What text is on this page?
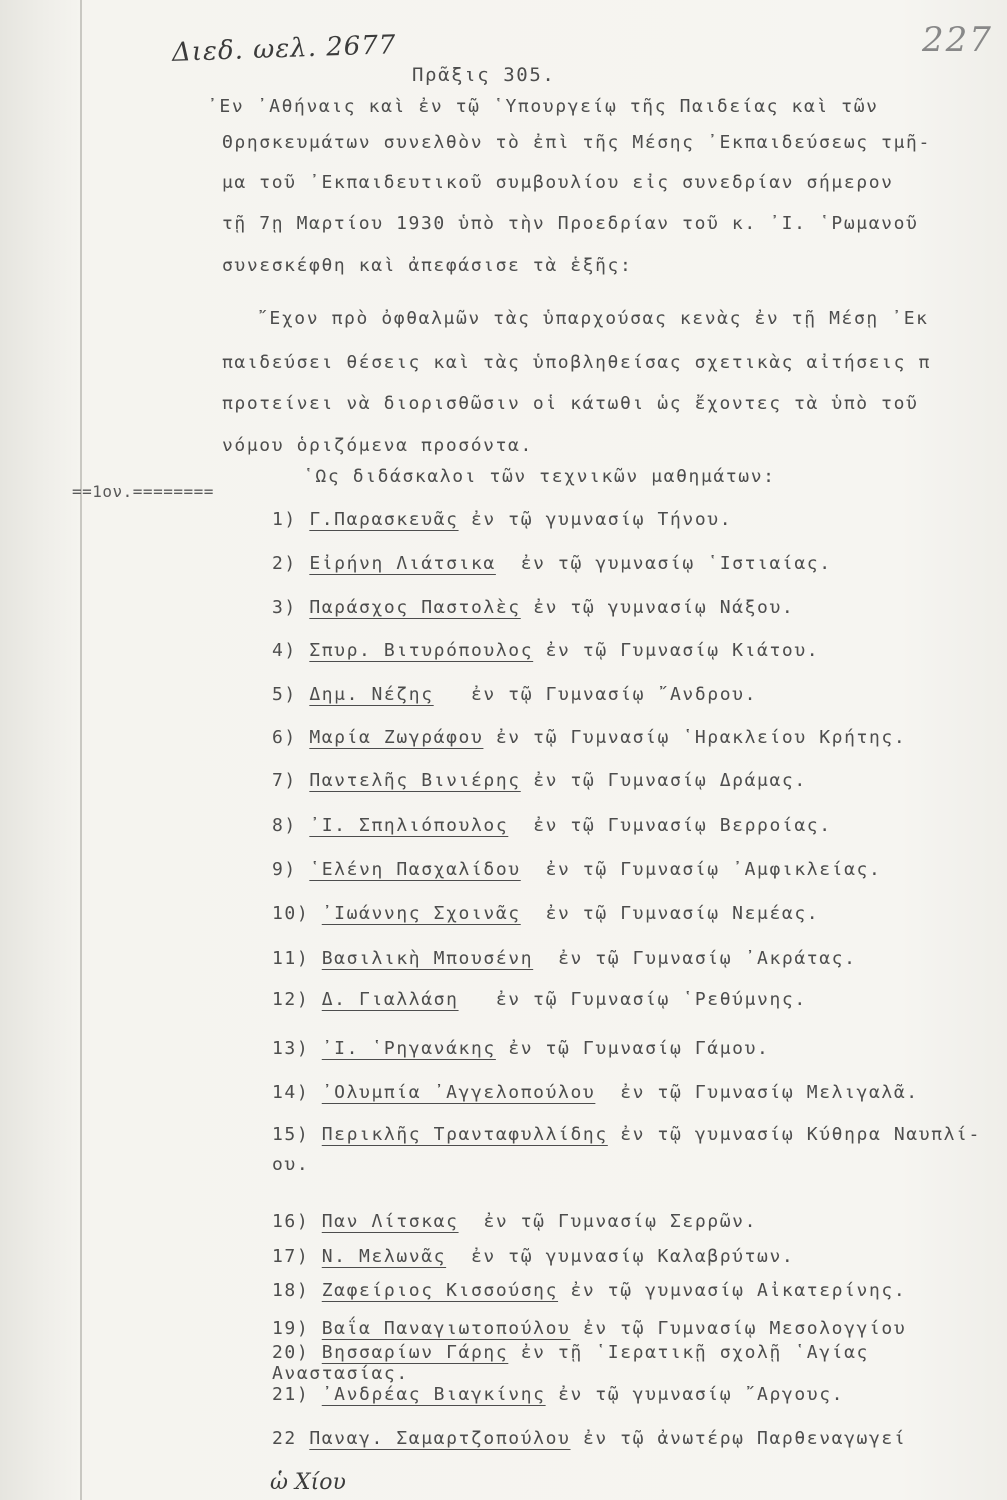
Διεδ. ωελ. 2677	227
Πρᾶξις 305.
᾿Εν ᾿Αθήναις καὶ ἐν τῷ ῾Υπουργείῳ τῆς Παιδείας καὶ τῶν
Θρησκευμάτων συνελθὸν τὸ ἐπὶ τῆς Μέσης ᾿Εκπαιδεύσεως τμῆ-
μα τοῦ ᾿Εκπαιδευτικοῦ συμβουλίου εἰς συνεδρίαν σήμερον
τῇ 7ῃ Μαρτίου 1930 ὑπὸ τὴν Προεδρίαν τοῦ κ. ᾿Ι. ῾Ρωμανοῦ
συνεσκέφθη καὶ ἀπεφάσισε τὰ ἑξῆς:
῎Εχον πρὸ ὀφθαλμῶν τὰς ὑπαρχούσας κενὰς ἐν τῇ Μέσῃ ᾿Εκ
παιδεύσει θέσεις καὶ τὰς ὑποβληθείσας σχετικὰς αἰτήσεις π
προτείνει νὰ διορισθῶσιν οἱ κάτωθι ὡς ἔχοντες τὰ ὑπὸ τοῦ
νόμου ὁριζόμενα προσόντα.
==1ον.========
῾Ως διδάσκαλοι τῶν τεχνικῶν μαθημάτων:
1) Γ.Παρασκευᾶς ἐν τῷ γυμνασίῳ Τήνου.
2) Εἰρήνη Λιάτσικα ἐν τῷ γυμνασίῳ ῾Ιστιαίας.
3) Παράσχος Παστολὲς ἐν τῷ γυμνασίῳ Νάξου.
4) Σπυρ. Βιτυρόπουλος ἐν τῷ Γυμνασίῳ Κιάτου.
5) Δημ. Νέζης ἐν τῷ Γυμνασίῳ ῎Ανδρου.
6) Μαρία Ζωγράφου ἐν τῷ Γυμνασίῳ ῾Ηρακλείου Κρήτης.
7) Παντελῆς Βινιέρης ἐν τῷ Γυμνασίῳ Δράμας.
8) ᾿Ι. Σπηλιόπουλος ἐν τῷ Γυμνασίῳ Βερροίας.
9) ῾Ελένη Πασχαλίδου ἐν τῷ Γυμνασίῳ ᾿Αμφικλείας.
10) ᾿Ιωάννης Σχοινᾶς ἐν τῷ Γυμνασίῳ Νεμέας.
11) Βασιλικὴ Μπουσένη ἐν τῷ Γυμνασίῳ ᾿Ακράτας.
12) Δ. Γιαλλάση ἐν τῷ Γυμνασίῳ ῾Ρεθύμνης.
13) ᾿Ι. ῾Ρηγανάκης ἐν τῷ Γυμνασίῳ Γάμου.
14) ᾿Ολυμπία ᾿Αγγελοπούλου ἐν τῷ Γυμνασίῳ Μελιγαλᾶ.
15) Περικλῆς Τρανταφυλλίδης ἐν τῷ γυμνασίῳ Κύθηρα Ναυπλί-
ου.
16) Παν Λίτσκας ἐν τῷ Γυμνασίῳ Σερρῶν.
17) Ν. Μελωνᾶς ἐν τῷ γυμνασίῳ Καλαβρύτων.
18) Ζαφείριος Κισσούσης ἐν τῷ γυμνασίῳ Αἰκατερίνης.
19) Βαΐα Παναγιωτοπούλου ἐν τῷ Γυμνασίῳ Μεσολογγίου
20) Βησσαρίων Γάρης ἐν τῇ ῾Ιερατικῇ σχολῇ ῾Αγίας
Αναστασίας.
21) ᾿Ανδρέας Βιαγκίνης ἐν τῷ γυμνασίῳ ῎Αργους.
22 Παναγ. Σαμαρτζοπούλου ἐν τῷ ἀνωτέρῳ Παρθεναγωγεί
ὡ Χίου
